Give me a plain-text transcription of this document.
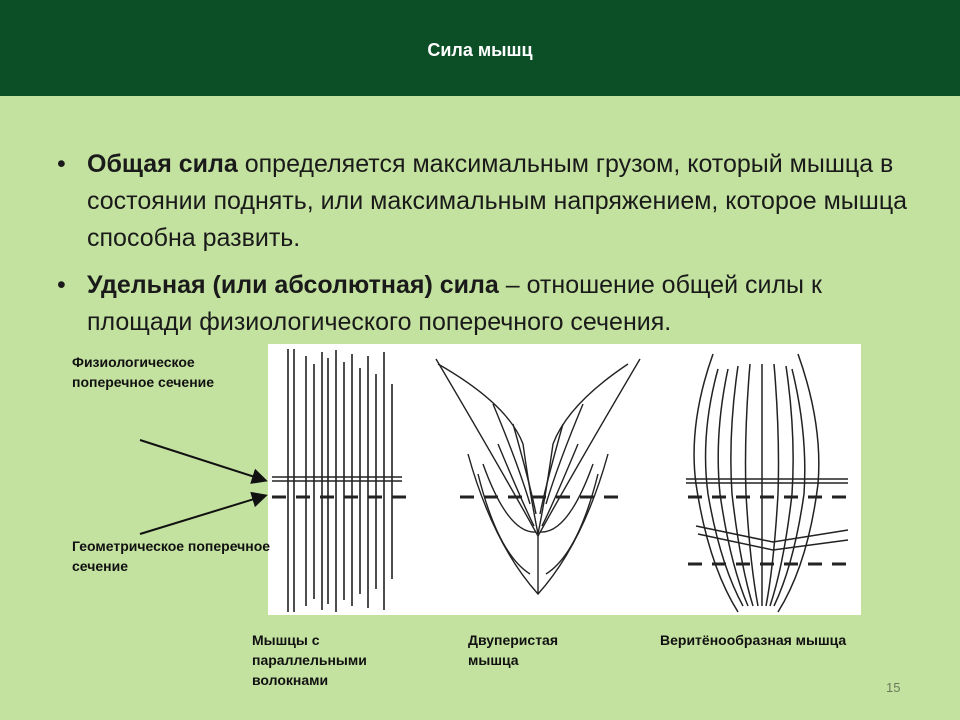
Сила мышц
• Общая сила определяется максимальным грузом, который мышца в состоянии поднять, или максимальным напряжением, которое мышца способна развить.
• Удельная (или абсолютная) сила – отношение общей силы к площади физиологического поперечного сечения.
Физиологическое поперечное сечение
Геометрическое поперечное сечение
Мышцы с параллельными волокнами
Двуперистая мышца
Веритёнообразная мышца
15
